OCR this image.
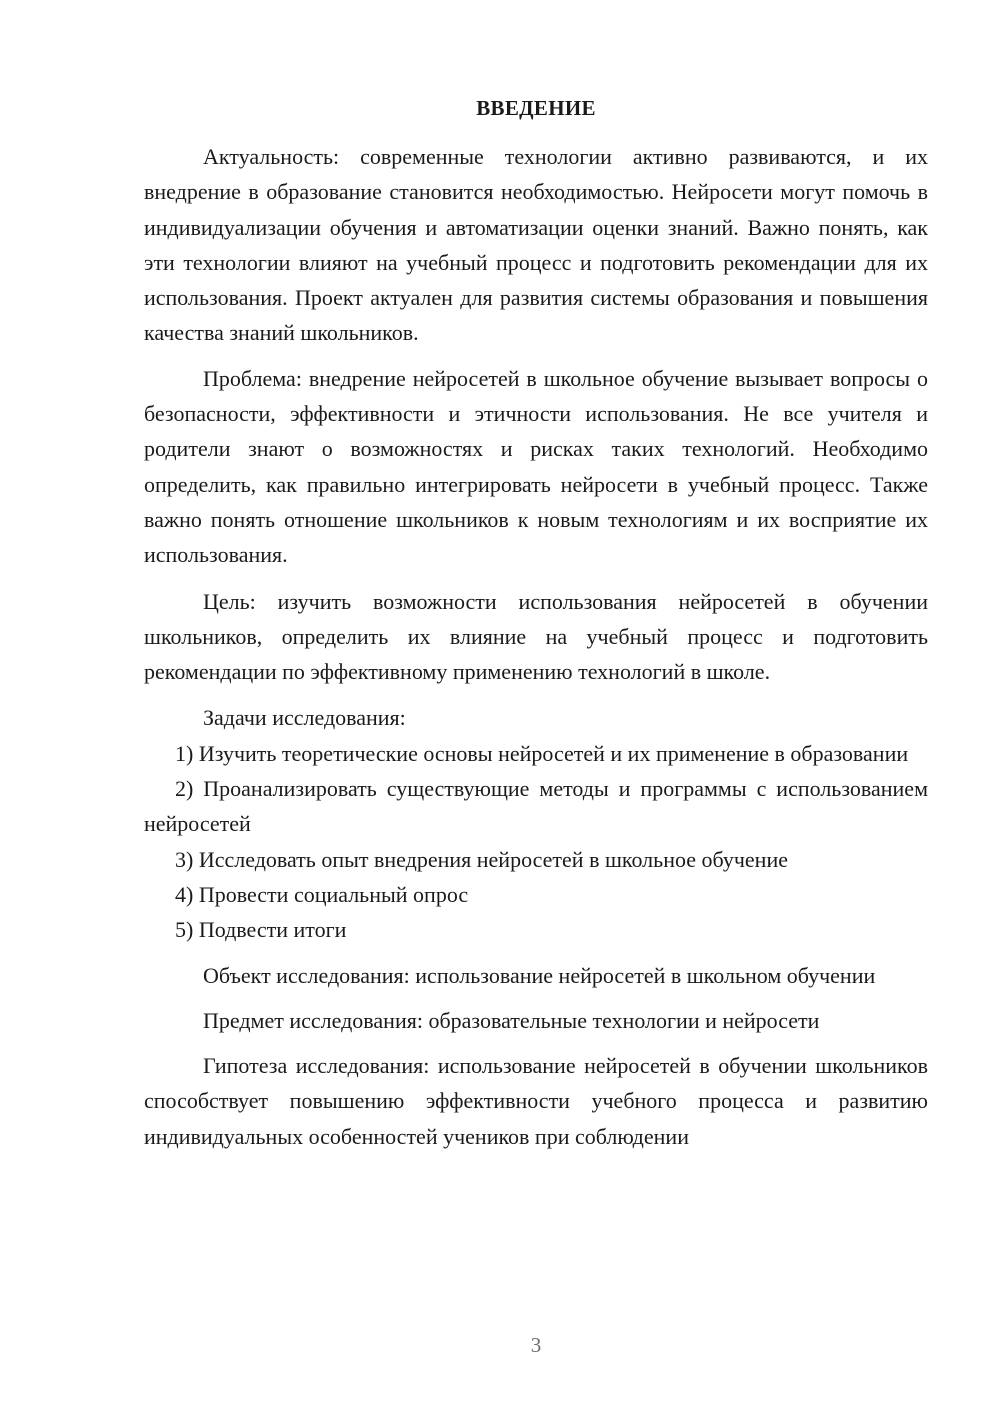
ВВЕДЕНИЕ

Актуальность: современные технологии активно развиваются, и их внедрение в образование становится необходимостью. Нейросети могут помочь в индивидуализации обучения и автоматизации оценки знаний. Важно понять, как эти технологии влияют на учебный процесс и подготовить рекомендации для их использования. Проект актуален для развития системы образования и повышения качества знаний школьников.

Проблема: внедрение нейросетей в школьное обучение вызывает вопросы о безопасности, эффективности и этичности использования. Не все учителя и родители знают о возможностях и рисках таких технологий. Необходимо определить, как правильно интегрировать нейросети в учебный процесс. Также важно понять отношение школьников к новым технологиям и их восприятие их использования.

Цель: изучить возможности использования нейросетей в обучении школьников, определить их влияние на учебный процесс и подготовить рекомендации по эффективному применению технологий в школе.

Задачи исследования:

1) Изучить теоретические основы нейросетей и их применение в образовании

2) Проанализировать существующие методы и программы с использованием нейросетей

3) Исследовать опыт внедрения нейросетей в школьное обучение

4) Провести социальный опрос

5) Подвести итоги

Объект исследования: использование нейросетей в школьном обучении

Предмет исследования: образовательные технологии и нейросети

Гипотеза исследования: использование нейросетей в обучении школьников способствует повышению эффективности учебного процесса и развитию индивидуальных особенностей учеников при соблюдении

3
